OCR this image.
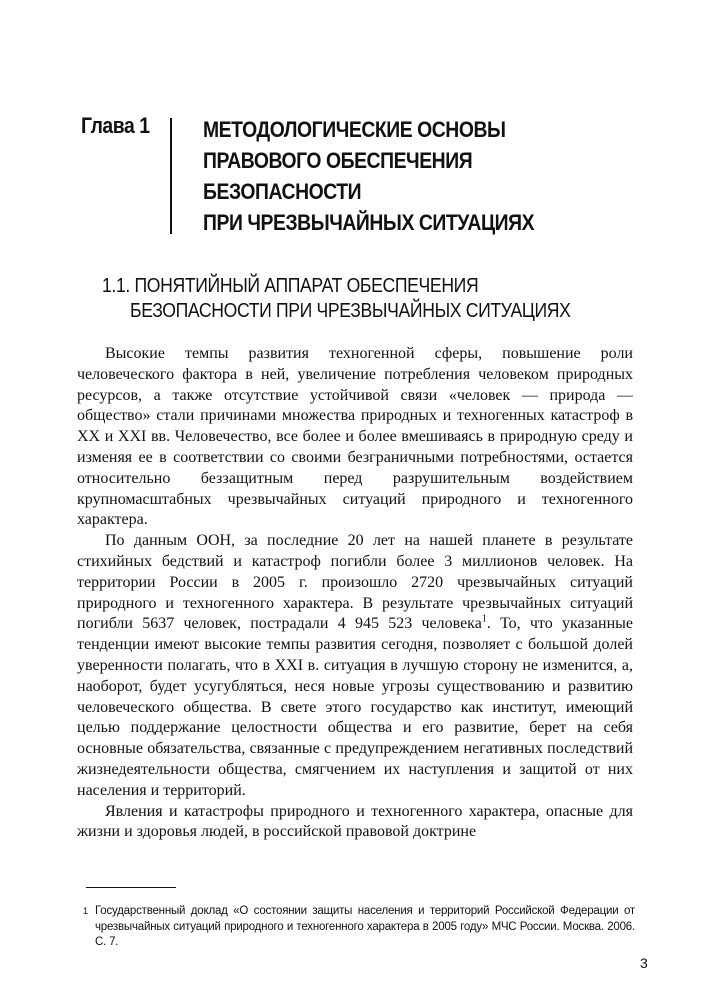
Глава 1 МЕТОДОЛОГИЧЕСКИЕ ОСНОВЫ
ПРАВОВОГО ОБЕСПЕЧЕНИЯ
БЕЗОПАСНОСТИ
ПРИ ЧРЕЗВЫЧАЙНЫХ СИТУАЦИЯХ
1.1. ПОНЯТИЙНЫЙ АППАРАТ ОБЕСПЕЧЕНИЯ
БЕЗОПАСНОСТИ ПРИ ЧРЕЗВЫЧАЙНЫХ СИТУАЦИЯХ

Высокие темпы развития техногенной сферы, повышение роли человеческого фактора в ней, увеличение потребления человеком природных ресурсов, а также отсутствие устойчивой связи «человек — природа — общество» стали причинами множества природных и техногенных катастроф в XX и XXI вв. Человечество, все более и более вмешиваясь в природную среду и изменяя ее в соответствии со своими безграничными потребностями, остается относительно беззащитным перед разрушительным воздействием крупномасштабных чрезвычайных ситуаций природного и техногенного характера.

По данным ООН, за последние 20 лет на нашей планете в результате стихийных бедствий и катастроф погибли более 3 миллионов человек. На территории России в 2005 г. произошло 2720 чрезвычайных ситуаций природного и техногенного характера. В результате чрезвычайных ситуаций погибли 5637 человек, пострадали 4 945 523 человека$^1$. То, что указанные тенденции имеют высокие темпы развития сегодня, позволяет с большой долей уверенности полагать, что в XXI в. ситуация в лучшую сторону не изменится, а, наоборот, будет усугубляться, неся новые угрозы существованию и развитию человеческого общества. В свете этого государство как институт, имеющий целью поддержание целостности общества и его развитие, берет на себя основные обязательства, связанные с предупреждением негативных последствий жизнедеятельности общества, смягчением их наступления и защитой от них населения и территорий.

Явления и катастрофы природного и техногенного характера, опасные для жизни и здоровья людей, в российской правовой доктрине

1 Государственный доклад «О состоянии защиты населения и территорий Российской Федерации от чрезвычайных ситуаций природного и техногенного характера в 2005 году» МЧС России. Москва. 2006. С. 7.
3
